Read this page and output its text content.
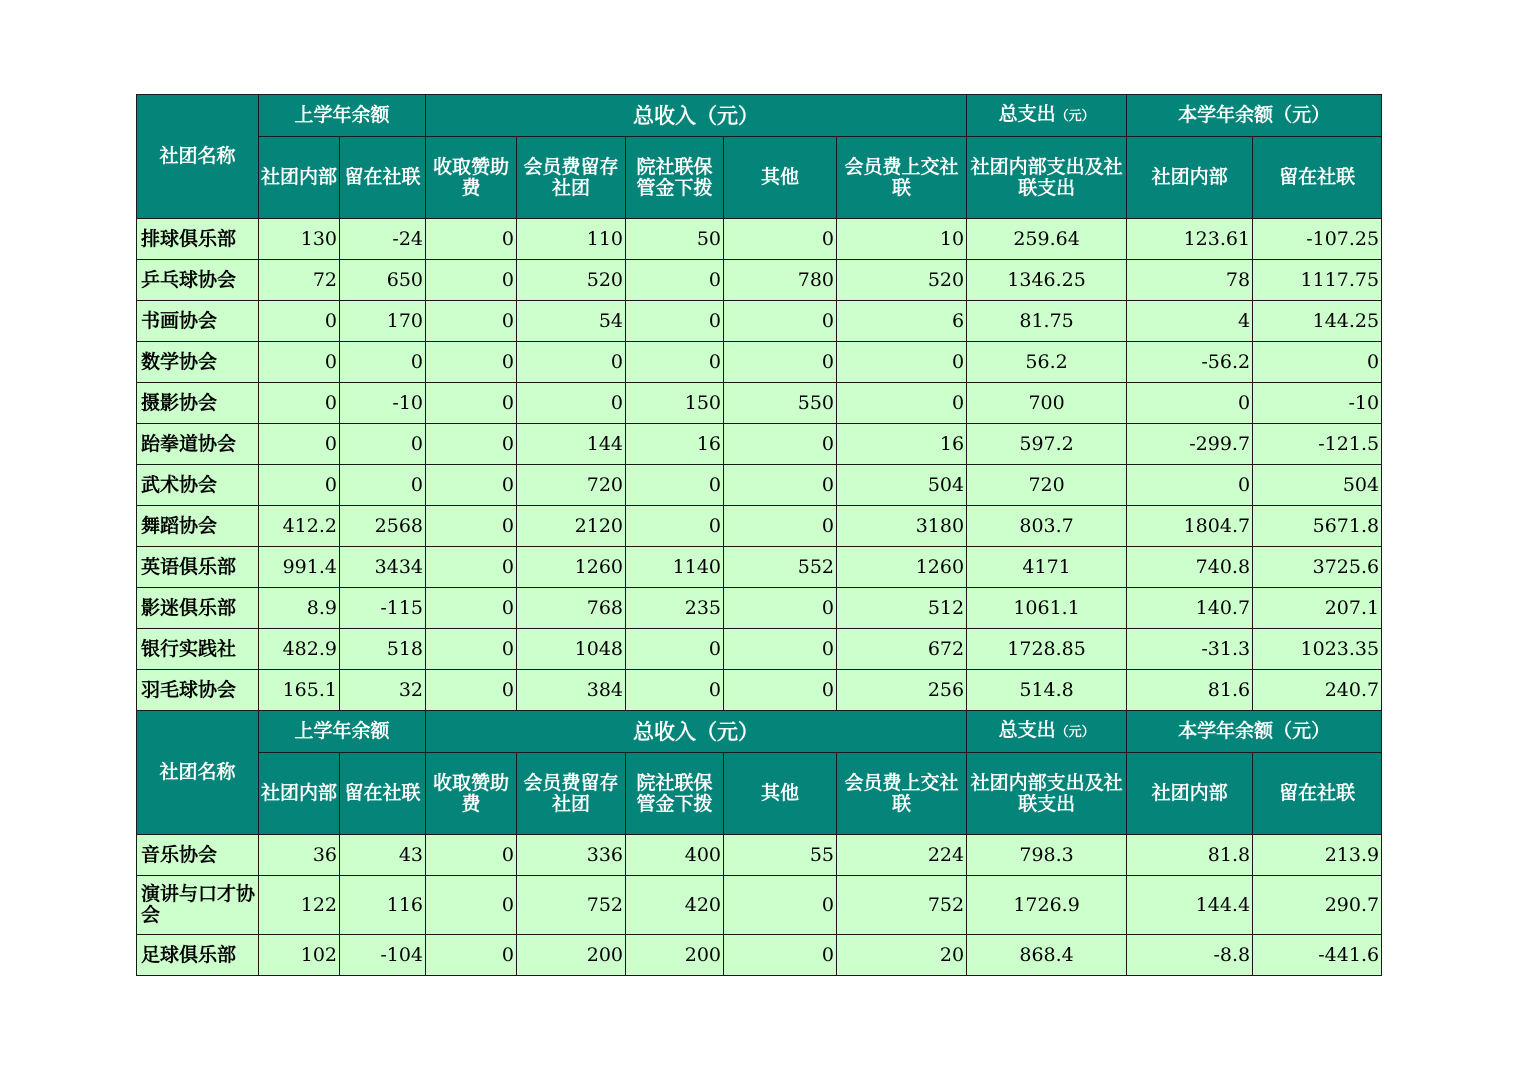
社团名称	上学年余额		总收入（元）					总支出（元）	本学年余额（元）	
	社团内部	留在社联	收取赞助费	会员费留存社团	院社联保管金下拨	其他	会员费上交社联	社团内部支出及社联支出	社团内部	留在社联
排球俱乐部	130	-24	0	110	50	0	10	259.64	123.61	-107.25
乒乓球协会	72	650	0	520	0	780	520	1346.25	78	1117.75
书画协会	0	170	0	54	0	0	6	81.75	4	144.25
数学协会	0	0	0	0	0	0	0	56.2	-56.2	0
摄影协会	0	-10	0	0	150	550	0	700	0	-10
跆拳道协会	0	0	0	144	16	0	16	597.2	-299.7	-121.5
武术协会	0	0	0	720	0	0	504	720	0	504
舞蹈协会	412.2	2568	0	2120	0	0	3180	803.7	1804.7	5671.8
英语俱乐部	991.4	3434	0	1260	1140	552	1260	4171	740.8	3725.6
影迷俱乐部	8.9	-115	0	768	235	0	512	1061.1	140.7	207.1
银行实践社	482.9	518	0	1048	0	0	672	1728.85	-31.3	1023.35
羽毛球协会	165.1	32	0	384	0	0	256	514.8	81.6	240.7
社团名称	上学年余额		总收入（元）					总支出（元）	本学年余额（元）	
	社团内部	留在社联	收取赞助费	会员费留存社团	院社联保管金下拨	其他	会员费上交社联	社团内部支出及社联支出	社团内部	留在社联
音乐协会	36	43	0	336	400	55	224	798.3	81.8	213.9
演讲与口才协会	122	116	0	752	420	0	752	1726.9	144.4	290.7
足球俱乐部	102	-104	0	200	200	0	20	868.4	-8.8	-441.6
